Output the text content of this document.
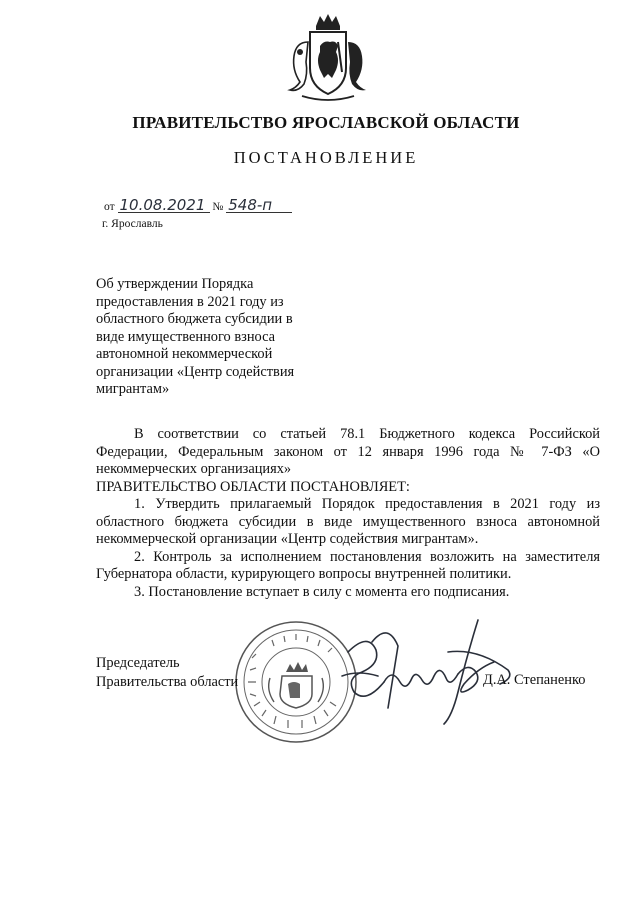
ПРАВИТЕЛЬСТВО ЯРОСЛАВСКОЙ ОБЛАСТИ
ПОСТАНОВЛЕНИЕ
от 10.08.2021 № 548-п
г. Ярославль
Об утверждении Порядка
предоставления в 2021 году из
областного бюджета субсидии в
виде имущественного взноса
автономной некоммерческой
организации «Центр содействия
мигрантам»

В соответствии со статьей 78.1 Бюджетного кодекса Российской Федерации, Федеральным законом от 12 января 1996 года № 7-ФЗ «О некоммерческих организациях»

ПРАВИТЕЛЬСТВО ОБЛАСТИ ПОСТАНОВЛЯЕТ:

1. Утвердить прилагаемый Порядок предоставления в 2021 году из областного бюджета субсидии в виде имущественного взноса автономной некоммерческой организации «Центр содействия мигрантам».

2. Контроль за исполнением постановления возложить на заместителя Губернатора области, курирующего вопросы внутренней политики.

3. Постановление вступает в силу с момента его подписания.

Председатель
Правительства области	Д.А. Степаненко
